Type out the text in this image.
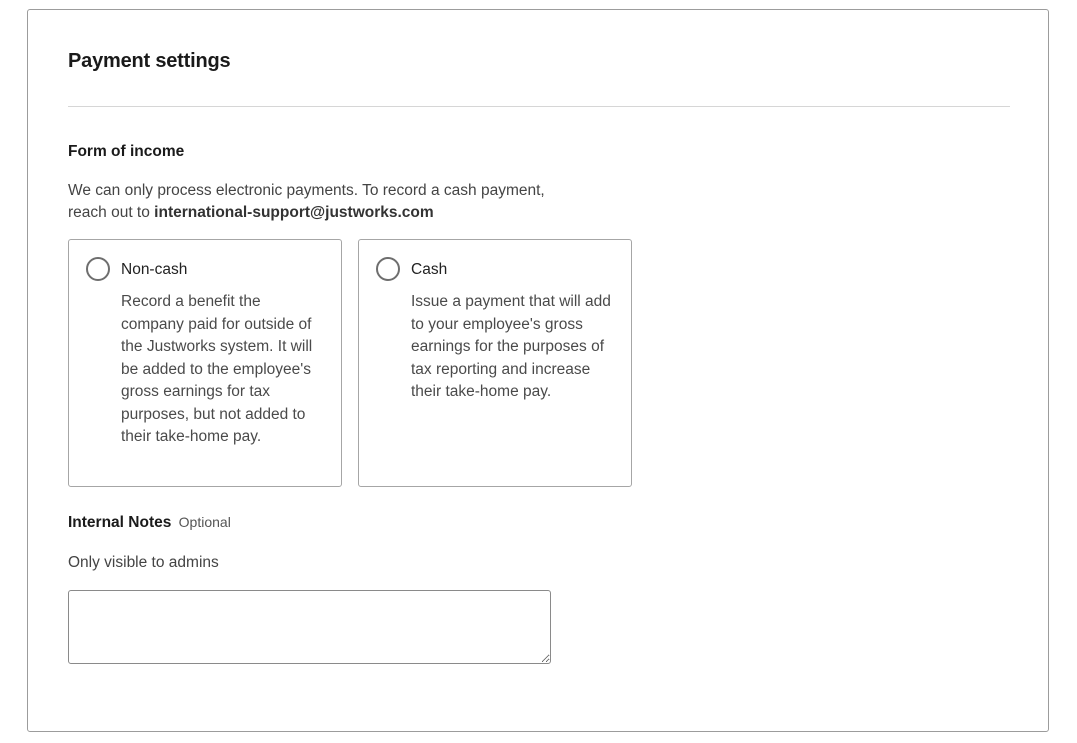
Payment settings
Form of income
We can only process electronic payments. To record a cash payment, reach out to international-support@justworks.com
Non-cash
Record a benefit the company paid for outside of the Justworks system. It will be added to the employee's gross earnings for tax purposes, but not added to their take-home pay.
Cash
Issue a payment that will add to your employee's gross earnings for the purposes of tax reporting and increase their take-home pay.
Internal Notes Optional
Only visible to admins
